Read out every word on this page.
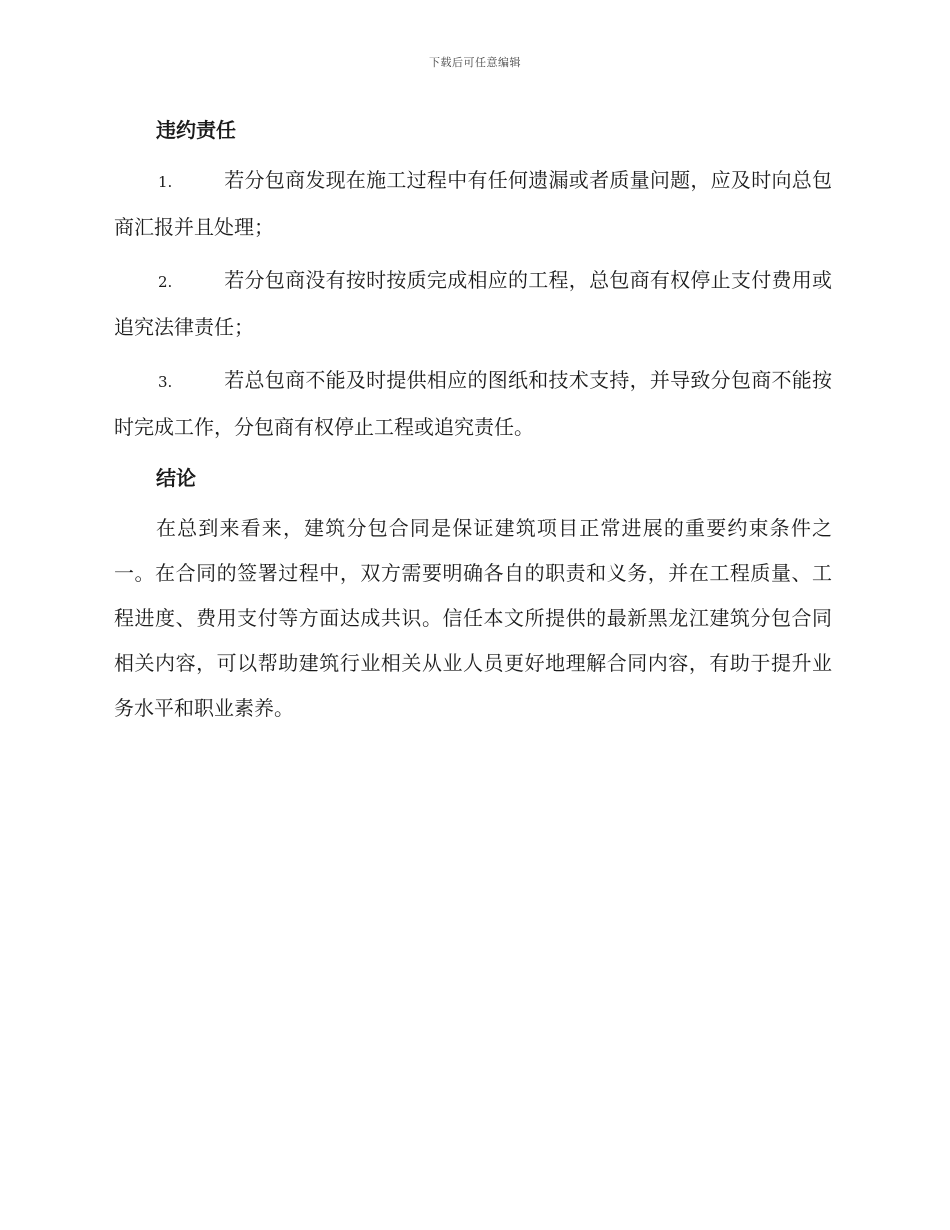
下载后可任意编辑
违约责任

1.	若分包商发现在施工过程中有任何遗漏或者质量问题，应及时向总包商汇报并且处理；

2.	若分包商没有按时按质完成相应的工程，总包商有权停止支付费用或追究法律责任；

3.	若总包商不能及时提供相应的图纸和技术支持，并导致分包商不能按时完成工作，分包商有权停止工程或追究责任。

结论

在总到来看来，建筑分包合同是保证建筑项目正常进展的重要约束条件之一。在合同的签署过程中，双方需要明确各自的职责和义务，并在工程质量、工程进度、费用支付等方面达成共识。信任本文所提供的最新黑龙江建筑分包合同相关内容，可以帮助建筑行业相关从业人员更好地理解合同内容，有助于提升业务水平和职业素养。
